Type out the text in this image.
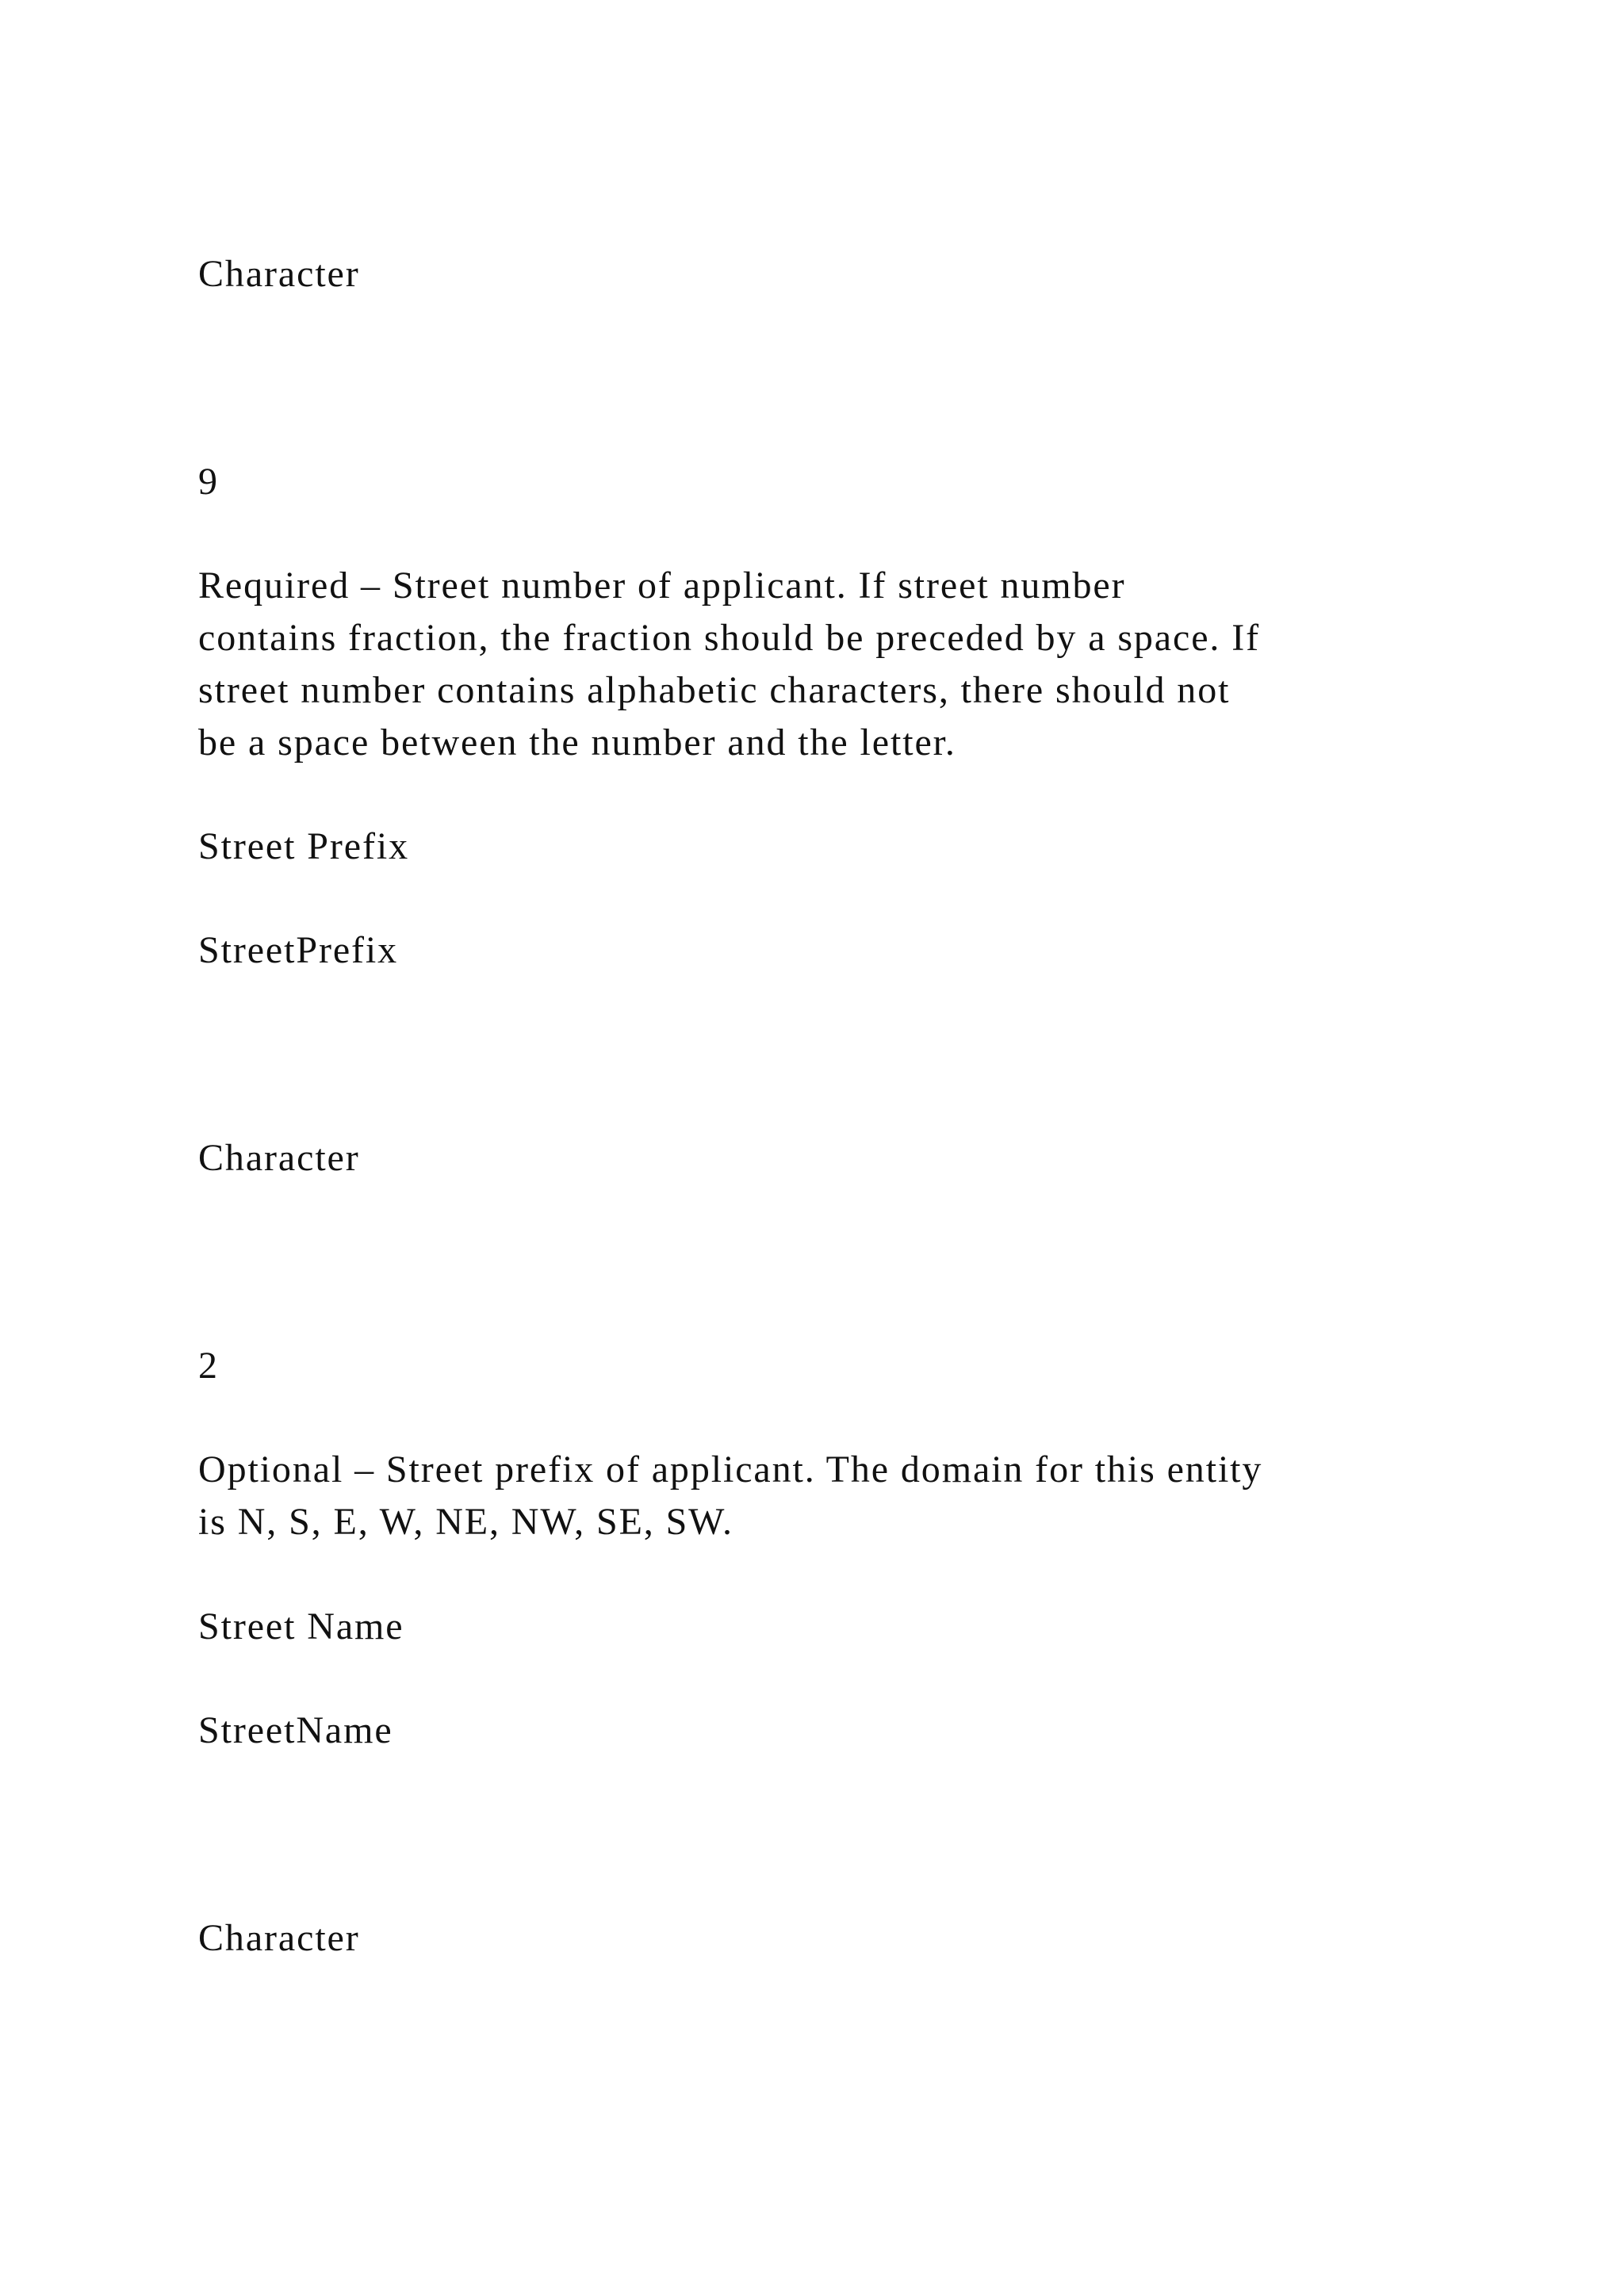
Character

9

Required – Street number of applicant. If street number
contains fraction, the fraction should be preceded by a space. If
street number contains alphabetic characters, there should not
be a space between the number and the letter.

Street Prefix

StreetPrefix

Character

2

Optional – Street prefix of applicant. The domain for this entity
is N, S, E, W, NE, NW, SE, SW.

Street Name

StreetName

Character
